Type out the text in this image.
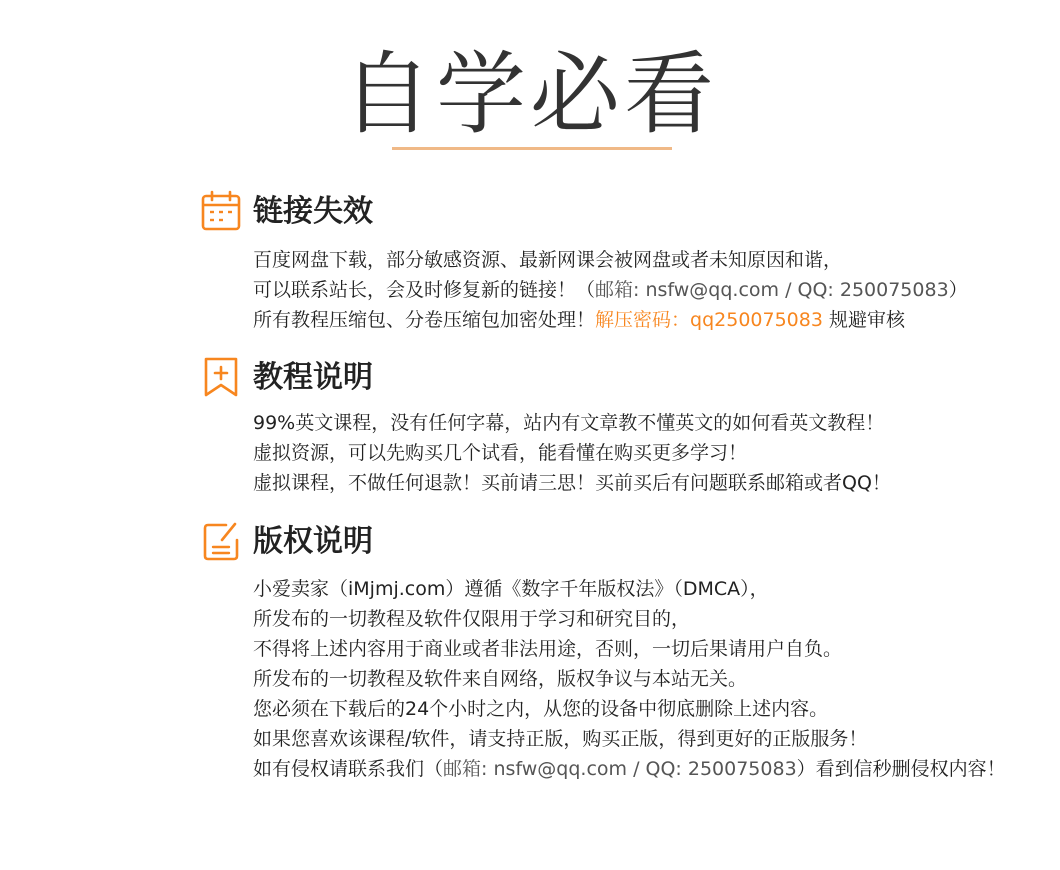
自学必看
链接失效
百度网盘下载，部分敏感资源、最新网课会被网盘或者未知原因和谐，
可以联系站长，会及时修复新的链接！（邮箱: nsfw@qq.com / QQ: 250075083）
所有教程压缩包、分卷压缩包加密处理！解压密码：qq250075083 规避审核
教程说明
99%英文课程，没有任何字幕，站内有文章教不懂英文的如何看英文教程！
虚拟资源，可以先购买几个试看，能看懂在购买更多学习！
虚拟课程，不做任何退款！买前请三思！买前买后有问题联系邮箱或者QQ！
版权说明
小爱卖家（iMjmj.com）遵循《数字千年版权法》（DMCA），
所发布的一切教程及软件仅限用于学习和研究目的，
不得将上述内容用于商业或者非法用途，否则，一切后果请用户自负。
所发布的一切教程及软件来自网络，版权争议与本站无关。
您必须在下载后的24个小时之内，从您的设备中彻底删除上述内容。
如果您喜欢该课程/软件，请支持正版，购买正版，得到更好的正版服务！
如有侵权请联系我们（邮箱: nsfw@qq.com / QQ: 250075083）看到信秒删侵权内容！
